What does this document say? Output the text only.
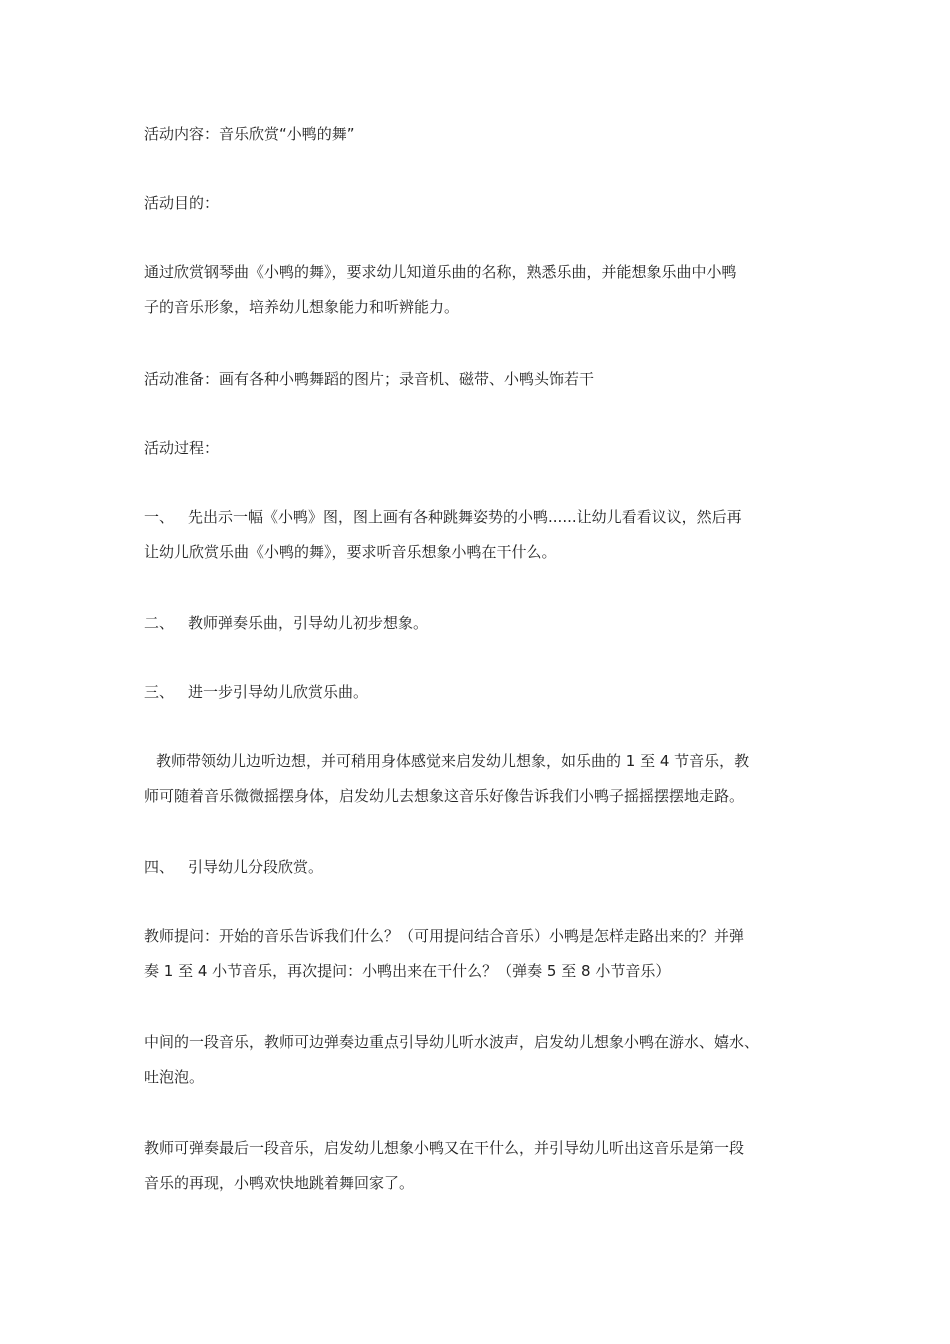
活动内容：音乐欣赏“小鸭的舞”
活动目的：
通过欣赏钢琴曲《小鸭的舞》，要求幼儿知道乐曲的名称，熟悉乐曲，并能想象乐曲中小鸭
子的音乐形象，培养幼儿想象能力和听辨能力。
活动准备：画有各种小鸭舞蹈的图片；录音机、磁带、小鸭头饰若干
活动过程：
一、 先出示一幅《小鸭》图，图上画有各种跳舞姿势的小鸭......让幼儿看看议议，然后再
让幼儿欣赏乐曲《小鸭的舞》，要求听音乐想象小鸭在干什么。
二、 教师弹奏乐曲，引导幼儿初步想象。
三、 进一步引导幼儿欣赏乐曲。
教师带领幼儿边听边想，并可稍用身体感觉来启发幼儿想象，如乐曲的 1 至 4 节音乐，教
师可随着音乐微微摇摆身体，启发幼儿去想象这音乐好像告诉我们小鸭子摇摇摆摆地走路。
四、 引导幼儿分段欣赏。
教师提问：开始的音乐告诉我们什么？（可用提问结合音乐）小鸭是怎样走路出来的？并弹
奏 1 至 4 小节音乐，再次提问：小鸭出来在干什么？（弹奏 5 至 8 小节音乐）
中间的一段音乐，教师可边弹奏边重点引导幼儿听水波声，启发幼儿想象小鸭在游水、嬉水、
吐泡泡。
教师可弹奏最后一段音乐，启发幼儿想象小鸭又在干什么，并引导幼儿听出这音乐是第一段
音乐的再现，小鸭欢快地跳着舞回家了。
